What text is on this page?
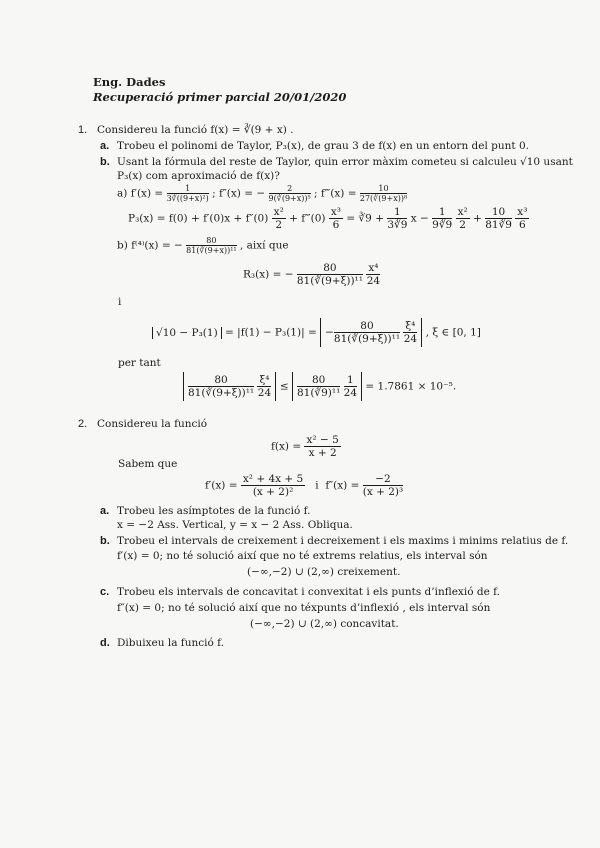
Eng. Dades
Recuperació primer parcial 20/01/2020
1. Considereu la funció f(x) = ∛(9 + x) .
a. Trobeu el polinomi de Taylor, P₃(x), de grau 3 de f(x) en un entorn del punt 0.
b. Usant la fórmula del reste de Taylor, quin error màxim cometeu si calculeu √10 usant
P₃(x) com aproximació de f(x)?
a) $f'(x) = \frac{1}{\text{3∛((9+x)²)}}$ ; f″(x) = − $\frac{2}{\text{9(∛(9+x))⁵}}$ ; f‴(x) = $\frac{10}{\text{27(∛(9+x))⁸}}$
$P_3(x) = f(0) + f'(0)x + f''(0) \frac{\text{x²}}{2}$ + f‴(0) $\frac{\text{x³}}{6}$ = ∛9 + $\frac{1}{3∛9}$ $x - \frac{1}{9∛9}$
$\frac{\text{x²}}{2} + \frac{10}{81∛9}$
$\frac{\text{x³}}{6}$
b) f⁽⁴⁾(x) = − $\frac{80}{\text{81(∛(9+x))¹¹}}$ , així que
R₃(x) = − $\frac{80}{\text{81(∛(9+ξ))¹¹}}$
$\frac{\text{x⁴}}{24}$
i
√10 − P₃(1) = |f(1) − P₃(1)| = − $\frac{80}{\text{81(∛(9+ξ))¹¹}}$
$\frac{\text{ξ⁴}}{24}$ , ξ ∈ [0, 1]
per tant
$\frac{80}{\text{81(∛(9+ξ))¹¹}}$
$\frac{\text{ξ⁴}}{24} \le \frac{80}{\text{81(∛9)¹¹}}$
$\frac{1}{24} = 1.7861 \times 10^{-5}$.
2. Considereu la funció
$f(x) = \frac{\text{x² − 5}}{x + 2}$
Sabem que
$f'(x) = \frac{\text{x² + 4x + 5}}{\text{(x + 2)²}}$ i $f''(x) = \frac{-2}{\text{(x + 2)³}}$
a. Trobeu les asímptotes de la funció f.
x = −2 Ass. Vertical, y = x − 2 Ass. Obliqua.
b. Trobeu el intervals de creixement i decreixement i els maxims i minims relatius de f.
f′(x) = 0; no té solució així que no té extrems relatius, els interval són
(−∞,−2) ∪ (2,∞) creixement.
c. Trobeu els intervals de concavitat i convexitat i els punts d’inflexió de f.
f″(x) = 0; no té solució així que no téxpunts d’inflexió , els interval són
(−∞,−2) ∪ (2,∞) concavitat.
d. Dibuixeu la funció f.
